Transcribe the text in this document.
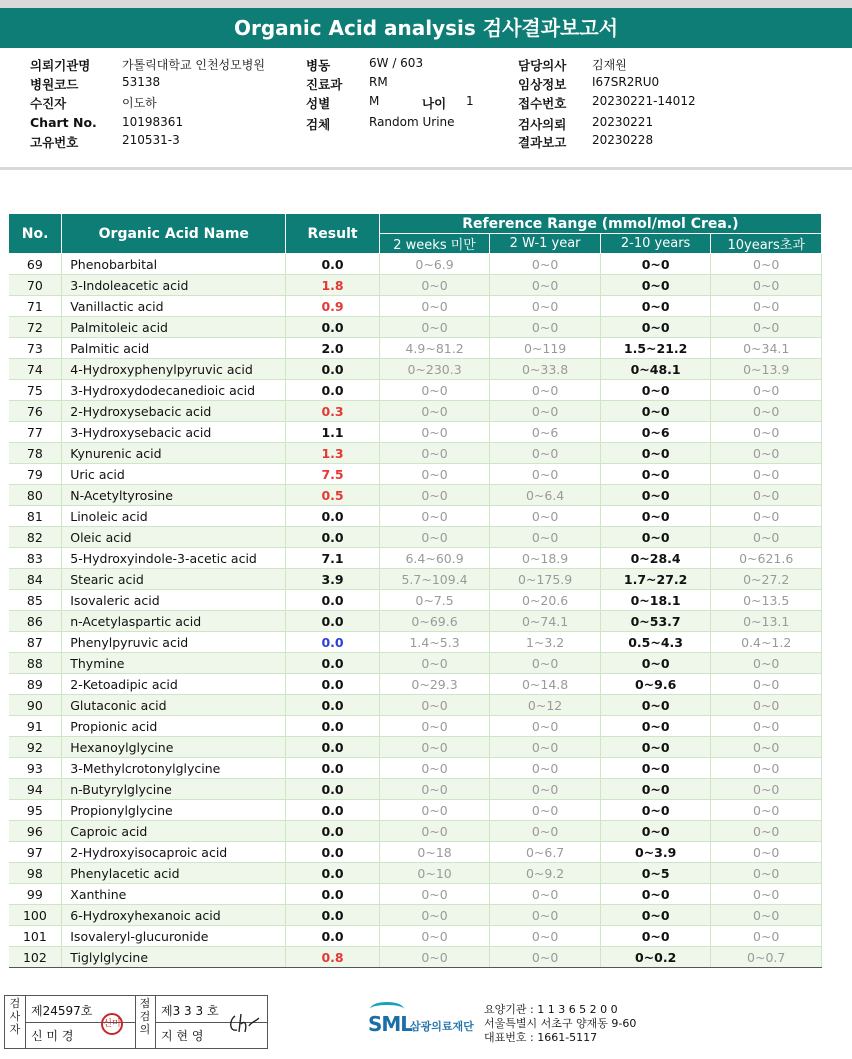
Organic Acid analysis 검사결과보고서
의뢰기관명	가톨릭대학교 인천성모병원	병동	6W / 603	담당의사 김재원
병원코드	53138	진료과 RM	임상정보 I67SR2RU0
수진자	이도하	성별	M	나이 1	접수번호 20230221-14012
Chart No. 10198361	검체	Random Urine	검사의뢰 20230221
고유번호	210531-3	결과보고 20230228
No.	Organic Acid Name	Result	Reference Range (mmol/mol Crea.)			
			2 weeks 미만	2 W-1 year	2-10 years	10years초과
69	Phenobarbital	0.0	0~6.9	0~0	0~0	0~0
70	3-Indoleacetic acid	1.8	0~0	0~0	0~0	0~0
71	Vanillactic acid	0.9	0~0	0~0	0~0	0~0
72	Palmitoleic acid	0.0	0~0	0~0	0~0	0~0
73	Palmitic acid	2.0	4.9~81.2	0~119	1.5~21.2	0~34.1
74	4-Hydroxyphenylpyruvic acid	0.0	0~230.3	0~33.8	0~48.1	0~13.9
75	3-Hydroxydodecanedioic acid	0.0	0~0	0~0	0~0	0~0
76	2-Hydroxysebacic acid	0.3	0~0	0~0	0~0	0~0
77	3-Hydroxysebacic acid	1.1	0~0	0~6	0~6	0~0
78	Kynurenic acid	1.3	0~0	0~0	0~0	0~0
79	Uric acid	7.5	0~0	0~0	0~0	0~0
80	N-Acetyltyrosine	0.5	0~0	0~6.4	0~0	0~0
81	Linoleic acid	0.0	0~0	0~0	0~0	0~0
82	Oleic acid	0.0	0~0	0~0	0~0	0~0
83	5-Hydroxyindole-3-acetic acid	7.1	6.4~60.9	0~18.9	0~28.4	0~621.6
84	Stearic acid	3.9	5.7~109.4	0~175.9	1.7~27.2	0~27.2
85	Isovaleric acid	0.0	0~7.5	0~20.6	0~18.1	0~13.5
86	n-Acetylaspartic acid	0.0	0~69.6	0~74.1	0~53.7	0~13.1
87	Phenylpyruvic acid	0.0	1.4~5.3	1~3.2	0.5~4.3	0.4~1.2
88	Thymine	0.0	0~0	0~0	0~0	0~0
89	2-Ketoadipic acid	0.0	0~29.3	0~14.8	0~9.6	0~0
90	Glutaconic acid	0.0	0~0	0~12	0~0	0~0
91	Propionic acid	0.0	0~0	0~0	0~0	0~0
92	Hexanoylglycine	0.0	0~0	0~0	0~0	0~0
93	3-Methylcrotonylglycine	0.0	0~0	0~0	0~0	0~0
94	n-Butyrylglycine	0.0	0~0	0~0	0~0	0~0
95	Propionylglycine	0.0	0~0	0~0	0~0	0~0
96	Caproic acid	0.0	0~0	0~0	0~0	0~0
97	2-Hydroxyisocaproic acid	0.0	0~18	0~6.7	0~3.9	0~0
98	Phenylacetic acid	0.0	0~10	0~9.2	0~5	0~0
99	Xanthine	0.0	0~0	0~0	0~0	0~0
100	6-Hydroxyhexanoic acid	0.0	0~0	0~0	0~0	0~0
101	Isovaleryl-glucuronide	0.0	0~0	0~0	0~0	0~0
102	Tiglylglycine	0.8	0~0	0~0	0~0.2	0~0.7
검사자
제24597호
신 미 경
신미
점검의
제3 3 3 호
지 현 영	SML
삼광의료재단
요양기관 : 1 1 3 6 5 2 0 0
서울특별시 서초구 양재동 9-60
대표번호 : 1661-5117
